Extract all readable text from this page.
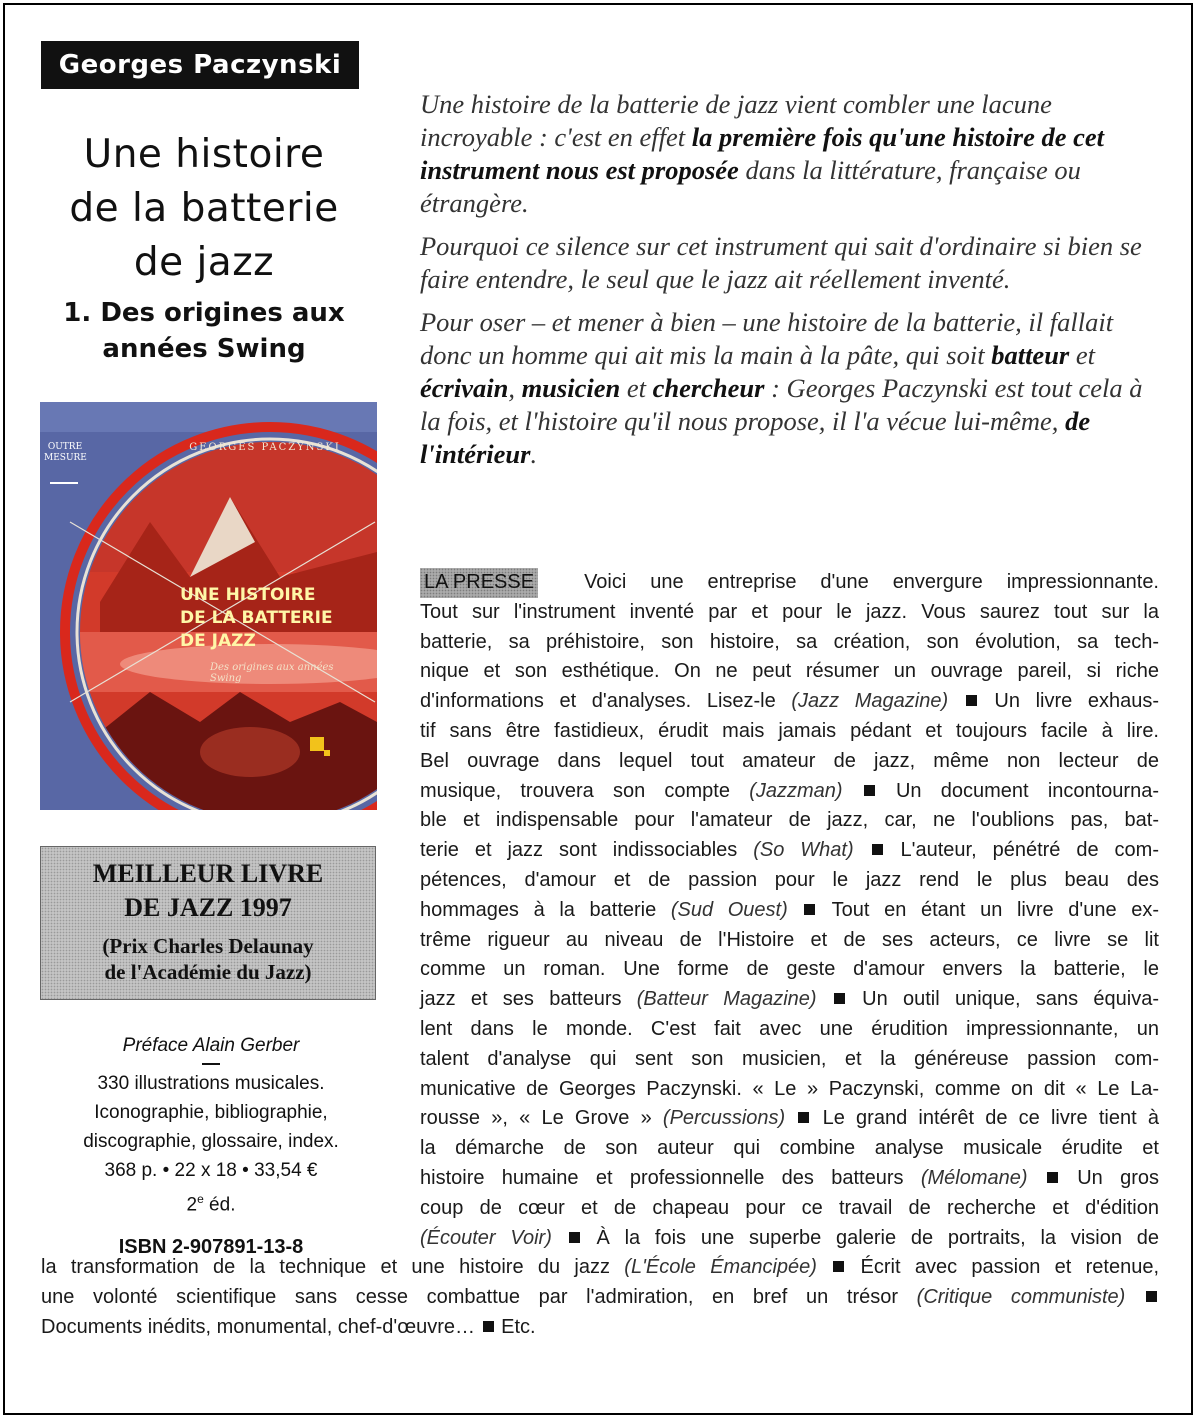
Georges Paczynski
Une histoire
de la batterie
de jazz
1. Des origines aux
années Swing
OUTRE MESURE
GEORGES PACZYNSKI
UNE HISTOIRE
DE LA BATTERIE
DE JAZZ
Des origines aux années Swing
MEILLEUR LIVRE
DE JAZZ 1997
(Prix Charles Delaunay
de l'Académie du Jazz)
Préface Alain Gerber
330 illustrations musicales.
Iconographie, bibliographie,
discographie, glossaire, index.
368 p. • 22 x 18 • 33,54 €
2e éd.
ISBN 2-907891-13-8

Une histoire de la batterie de jazz vient combler une lacune incroyable : c'est en effet la première fois qu'une histoire de cet instrument nous est proposée dans la littérature, française ou étrangère.

Pourquoi ce silence sur cet instrument qui sait d'ordinaire si bien se faire entendre, le seul que le jazz ait réellement inventé.

Pour oser – et mener à bien – une histoire de la batterie, il fallait donc un homme qui ait mis la main à la pâte, qui soit batteur et écrivain, musicien et chercheur : Georges Paczynski est tout cela à la fois, et l'histoire qu'il nous propose, il l'a vécue lui-même, de l'intérieur.

LA PRESSE	Voici une entreprise d'une envergure impressionnante.
Tout sur l'instrument inventé par et pour le jazz. Vous saurez tout sur la
batterie, sa préhistoire, son histoire, sa création, son évolution, sa tech-
nique et son esthétique. On ne peut résumer un ouvrage pareil, si riche
d'informations et d'analyses. Lisez-le (Jazz Magazine)  Un livre exhaus-
tif sans être fastidieux, érudit mais jamais pédant et toujours facile à lire.
Bel ouvrage dans lequel tout amateur de jazz, même non lecteur de
musique, trouvera son compte (Jazzman)  Un document incontourna-
ble et indispensable pour l'amateur de jazz, car, ne l'oublions pas, bat-
terie et jazz sont indissociables (So What)  L'auteur, pénétré de com-
pétences, d'amour et de passion pour le jazz rend le plus beau des
hommages à la batterie (Sud Ouest)  Tout en étant un livre d'une ex-
trême rigueur au niveau de l'Histoire et de ses acteurs, ce livre se lit
comme un roman. Une forme de geste d'amour envers la batterie, le
jazz et ses batteurs (Batteur Magazine)  Un outil unique, sans équiva-
lent dans le monde. C'est fait avec une érudition impressionnante, un
talent d'analyse qui sent son musicien, et la généreuse passion com-
municative de Georges Paczynski. « Le » Paczynski, comme on dit « Le La-
rousse », « Le Grove » (Percussions)  Le grand intérêt de ce livre tient à
la démarche de son auteur qui combine analyse musicale érudite et
histoire humaine et professionnelle des batteurs (Mélomane)  Un gros
coup de cœur et de chapeau pour ce travail de recherche et d'édition
(Écouter Voir)  À la fois une superbe galerie de portraits, la vision de
la transformation de la technique et une histoire du jazz (L'École Émancipée)  Écrit avec passion et retenue,
une volonté scientifique sans cesse combattue par l'admiration, en bref un trésor (Critique communiste)
Documents inédits, monumental, chef-d'œuvre…  Etc.
